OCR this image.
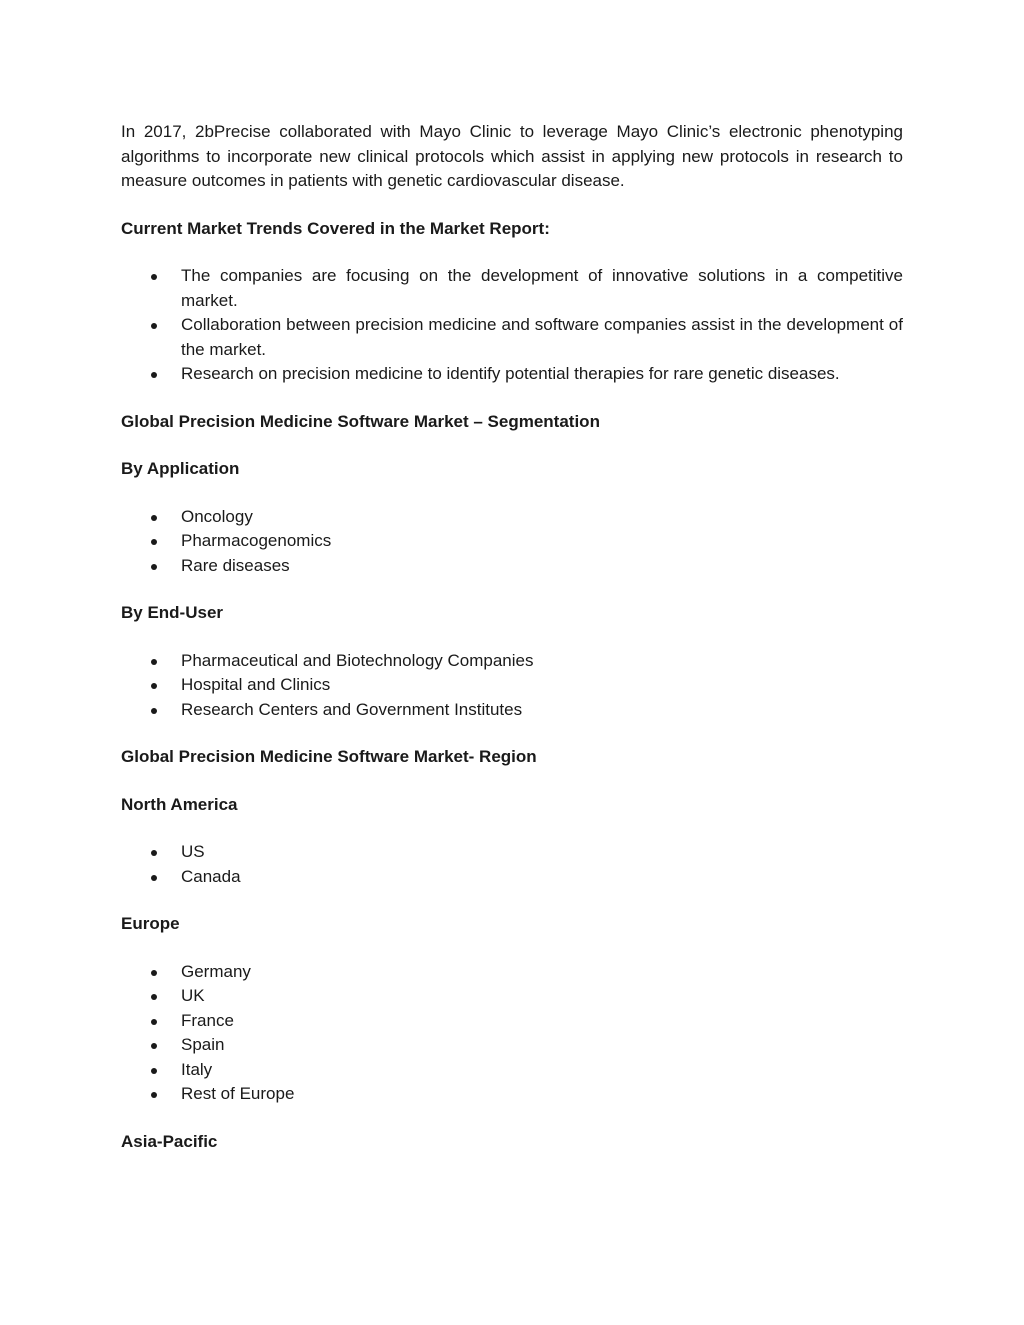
In 2017, 2bPrecise collaborated with Mayo Clinic to leverage Mayo Clinic’s electronic phenotyping algorithms to incorporate new clinical protocols which assist in applying new protocols in research to measure outcomes in patients with genetic cardiovascular disease.

Current Market Trends Covered in the Market Report:

The companies are focusing on the development of innovative solutions in a competitive market.
Collaboration between precision medicine and software companies assist in the development of the market.
Research on precision medicine to identify potential therapies for rare genetic diseases.

Global Precision Medicine Software Market – Segmentation

By Application

Oncology
Pharmacogenomics
Rare diseases

By End-User

Pharmaceutical and Biotechnology Companies
Hospital and Clinics
Research Centers and Government Institutes

Global Precision Medicine Software Market- Region

North America

US
Canada

Europe

Germany
UK
France
Spain
Italy
Rest of Europe

Asia-Pacific
